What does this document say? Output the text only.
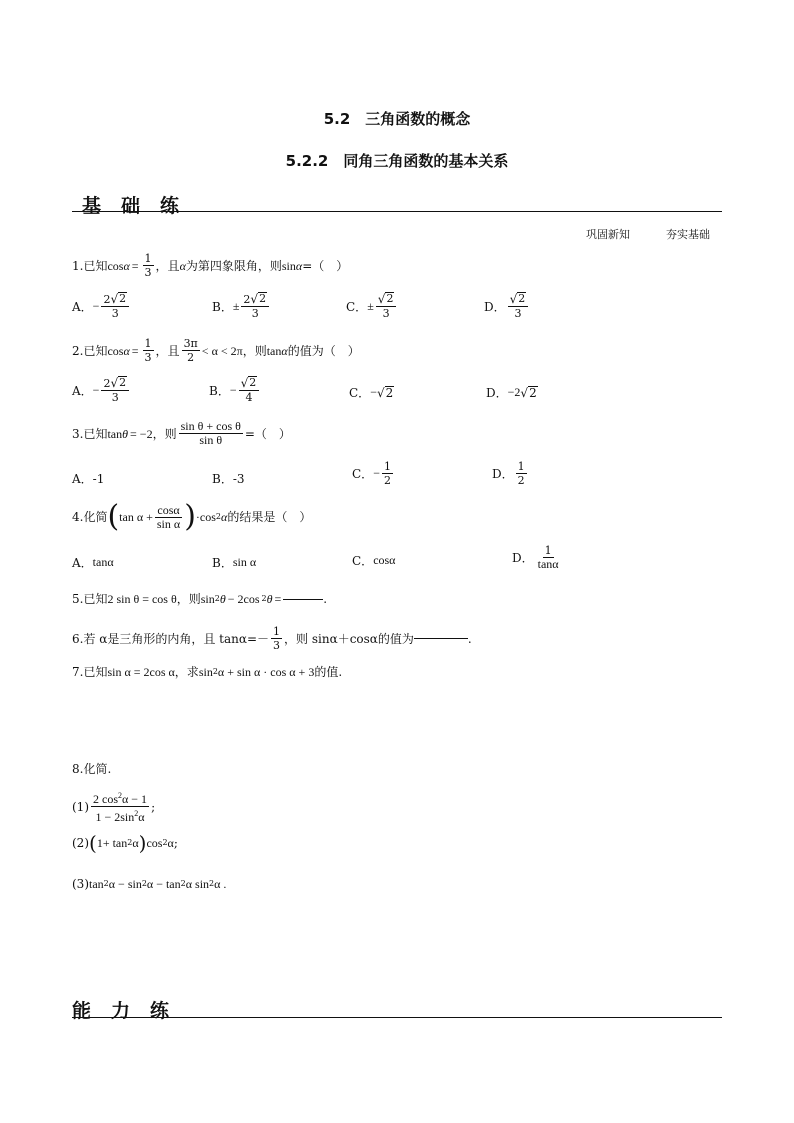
5.2　三角函数的概念
5.2.2　同角三角函数的基本关系
基础练
巩固新知	夯实基础
1.已知 $\cos \alpha = \frac{1}{3}$ ，且 α 为第四象限角，则 sin α =（　）
A． − $\frac{2 √ 2}{3}$	B． ± $\frac{2 √ 2}{3}$	C． ± $\frac{√ 2}{3}$	D． $\frac{√ 2}{3}$
2.已知 $\cos \alpha = \frac{1}{3}$ ，且 $\frac{3\pi}{2} < \alpha < 2\pi$ ，则 tan α 的值为（　）
A． − $\frac{2 √ 2}{3}$	B． − $\frac{√ 2}{4}$	C． − √ 2	D． −2 √ 2
3.已知 tan θ = −2 ，则 $\frac{\text{sin θ + cos θ}}{\text{sin θ}}$ =（　）
A． -1	B． -3	C． − $\frac{1}{2}$	D． $\frac{1}{2}$
4.化简 ( $\tan \alpha + \frac{\cos\alpha}{\text{sin α}}$ ) · cos 2 α 的结果是（　）
A． tanα	B． sin α	C． cosα	D． $\frac{1}{\tan\alpha}$
5.已知 2 sin θ = cos θ ，则 sin 2 θ − 2cos 2 θ =	.
6.若 α是三角形的内角，且 $\tan\alpha=- \frac{1}{3}$ ，则 sinα＋cosα的值为	.
7.已知 sin α = 2cos α ，求 sin 2 α + sin α · cos α + 3 的值.
8.化简.
$(1) \frac{2 \cos^2\alpha - 1}{1 - 2\sin^2\alpha}$ ;
(2) ( 1+ tan 2 α ) cos 2 α ;
(3) tan 2 α − sin 2 α − tan 2 α sin 2 α .
能力练
